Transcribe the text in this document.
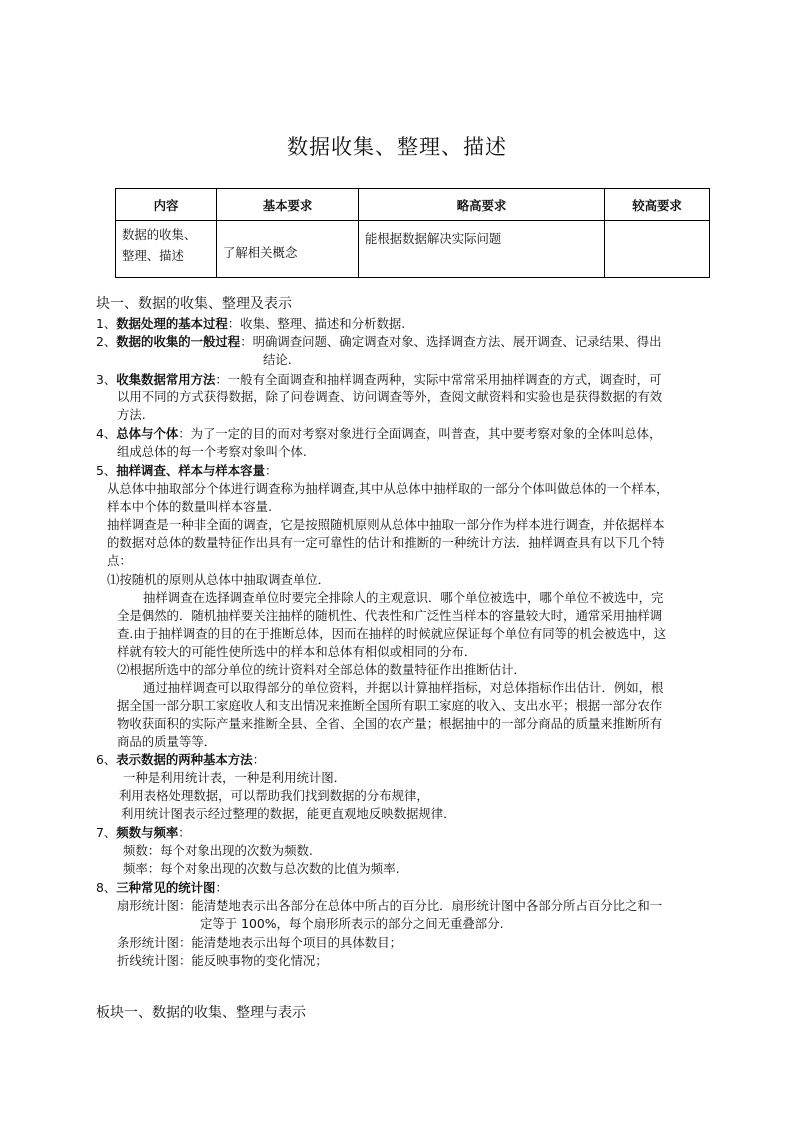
数据收集、整理、描述
内容	基本要求	略高要求	较高要求
数据的收集、
整理、描述	了解相关概念	能根据数据解决实际问题	
块一、数据的收集、整理及表示
1、数据处理的基本过程：收集、整理、描述和分析数据.
2、数据的收集的一般过程：明确调查问题、确定调查对象、选择调查方法、展开调查、记录结果、得出
结论.
3、收集数据常用方法：一般有全面调查和抽样调查两种，实际中常常采用抽样调查的方式，调查时，可
以用不同的方式获得数据，除了问卷调查、访问调查等外，查阅文献资料和实验也是获得数据的有效
方法.
4、总体与个体：为了一定的目的而对考察对象进行全面调查，叫普查，其中要考察对象的全体叫总体，
组成总体的每一个考察对象叫个体.
5、抽样调查、样本与样本容量：
从总体中抽取部分个体进行调查称为抽样调查,其中从总体中抽样取的一部分个体叫做总体的一个样本，
样本中个体的数量叫样本容量.
抽样调查是一种非全面的调查，它是按照随机原则从总体中抽取一部分作为样本进行调查，并依据样本
的数据对总体的数量特征作出具有一定可靠性的估计和推断的一种统计方法．抽样调查具有以下几个特
点：
⑴按随机的原则从总体中抽取调查单位．
抽样调查在选择调查单位时要完全排除人的主观意识．哪个单位被选中，哪个单位不被选中，完
全是偶然的．随机抽样要关注抽样的随机性、代表性和广泛性当样本的容量较大时，通常采用抽样调
查.由于抽样调查的目的在于推断总体，因而在抽样的时候就应保证每个单位有同等的机会被选中，这
样就有较大的可能性使所选中的样本和总体有相似或相同的分布．
⑵根据所选中的部分单位的统计资料对全部总体的数量特征作出推断估计．
通过抽样调查可以取得部分的单位资料，并据以计算抽样指标，对总体指标作出估计．例如，根
据全国一部分职工家庭收人和支出情况来推断全国所有职工家庭的收入、支出水平；根据一部分农作
物收获面积的实际产量来推断全县、全省、全国的农产量；根据抽中的一部分商品的质量来推断所有
商品的质量等等．
6、表示数据的两种基本方法：
一种是利用统计表，一种是利用统计图．
利用表格处理数据，可以帮助我们找到数据的分布规律，
利用统计图表示经过整理的数据，能更直观地反映数据规律．
7、频数与频率：
频数：每个对象出现的次数为频数.
频率：每个对象出现的次数与总次数的比值为频率.
8、三种常见的统计图：
扇形统计图：能清楚地表示出各部分在总体中所占的百分比．扇形统计图中各部分所占百分比之和一
定等于 100%，每个扇形所表示的部分之间无重叠部分.
条形统计图：能清楚地表示出每个项目的具体数目；
折线统计图：能反映事物的变化情况；
板块一、数据的收集、整理与表示
